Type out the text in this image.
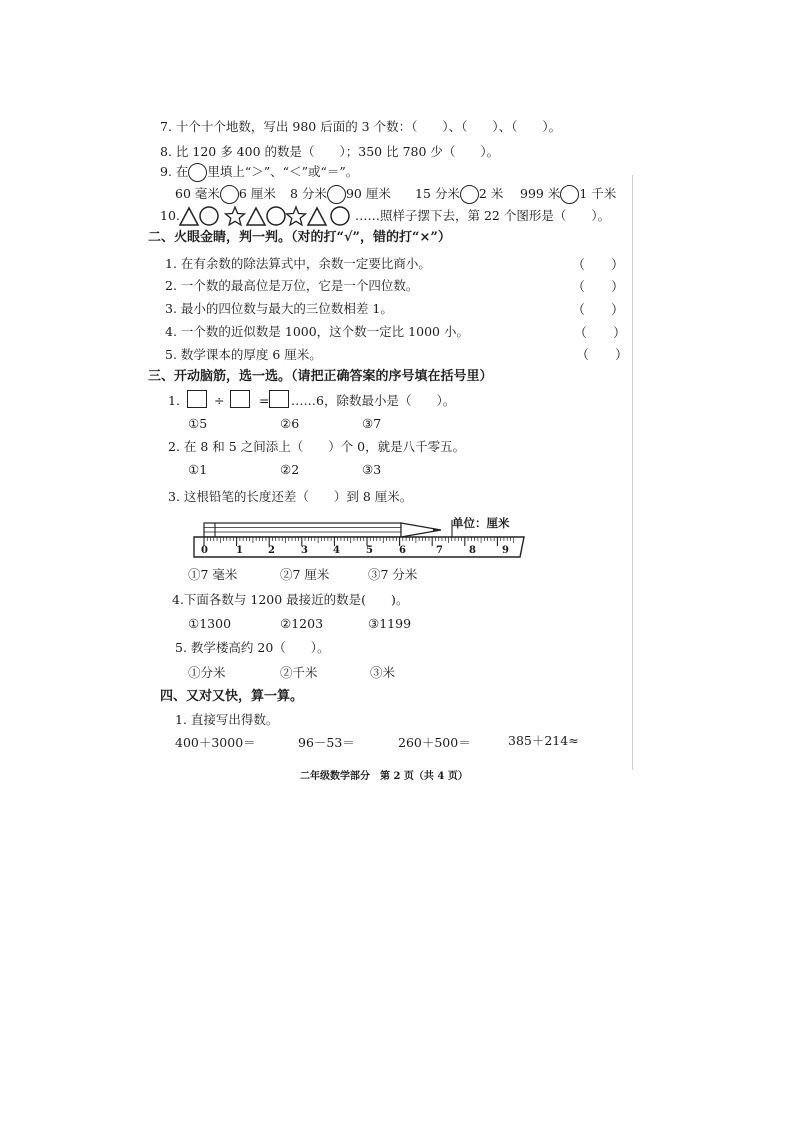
7. 十个十个地数，写出 980 后面的 3 个数：（　　）、（　　）、（　　）。
8. 比 120 多 400 的数是（　　）；350 比 780 少（　　）。
9. 在 里填上“＞”、“＜”或“＝”。
60 毫米 6 厘米 8 分米 90 厘米 15 分米 2 米 999 米 1 千米
10.	……照样子摆下去，第 22 个图形是（　　）。
二、火眼金睛，判一判。（对的打“√”，错的打“×”）
1. 在有余数的除法算式中，余数一定要比商小。	（　　）
2. 一个数的最高位是万位，它是一个四位数。	（　　）
3. 最小的四位数与最大的三位数相差 1。	（　　）
4. 一个数的近似数是 1000，这个数一定比 1000 小。	（　　）
5. 数学课本的厚度 6 厘米。	（　　）
三、开动脑筋，选一选。（请把正确答案的序号填在括号里）
1.	÷	= ……6，除数最小是（　　）。
①5	②6	③7
2. 在 8 和 5 之间添上（　　）个 0，就是八千零五。
①1	②2	③3
3. 这根铅笔的长度还差（　　）到 8 厘米。
单位：厘米
0	1	2	3	4	5	6	7	8	9
①7 毫米	②7 厘米	③7 分米
4.下面各数与 1200 最接近的数是(　　)。
①1300	②1203	③1199
5. 教学楼高约 20（　　）。
①分米	②千米	③米
四、又对又快，算一算。
1. 直接写出得数。
400＋3000＝	96－53＝	260＋500＝	385＋214≈
二年级数学部分　第 2 页（共 4 页）
